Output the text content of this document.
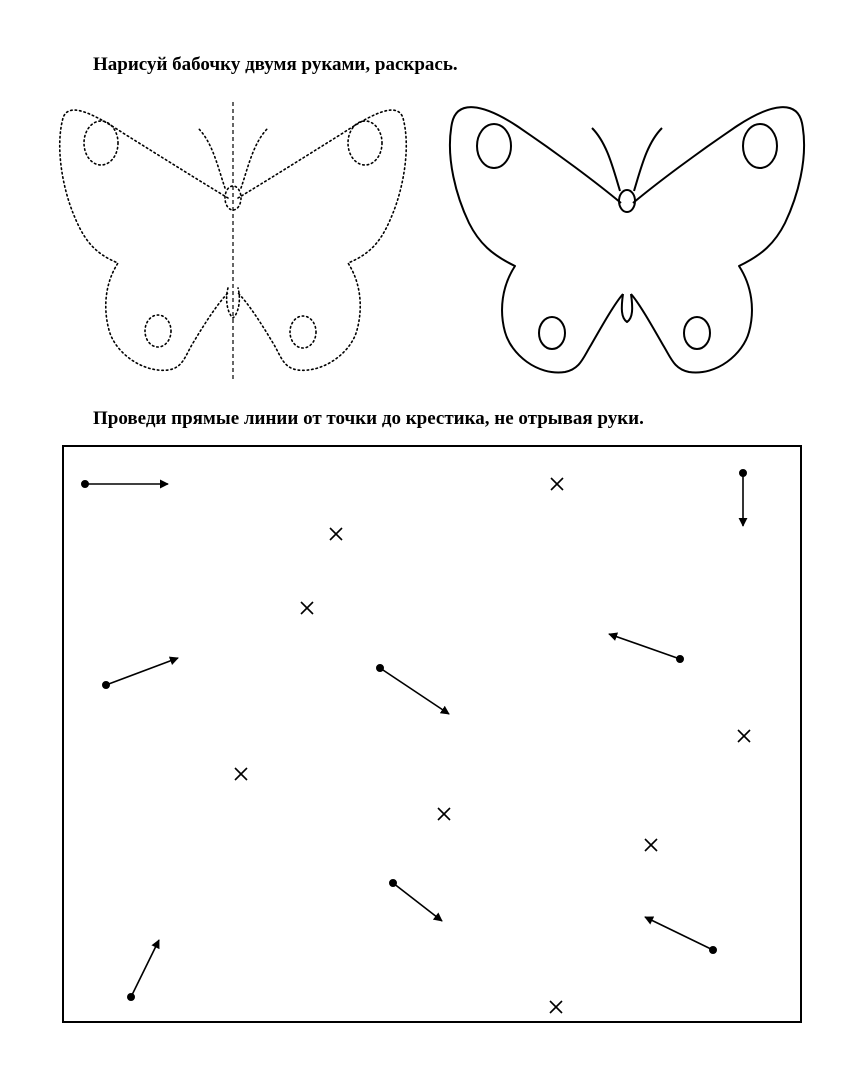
Нарисуй бабочку двумя руками, раскрась.
Проведи прямые линии от точки до крестика, не отрывая руки.
